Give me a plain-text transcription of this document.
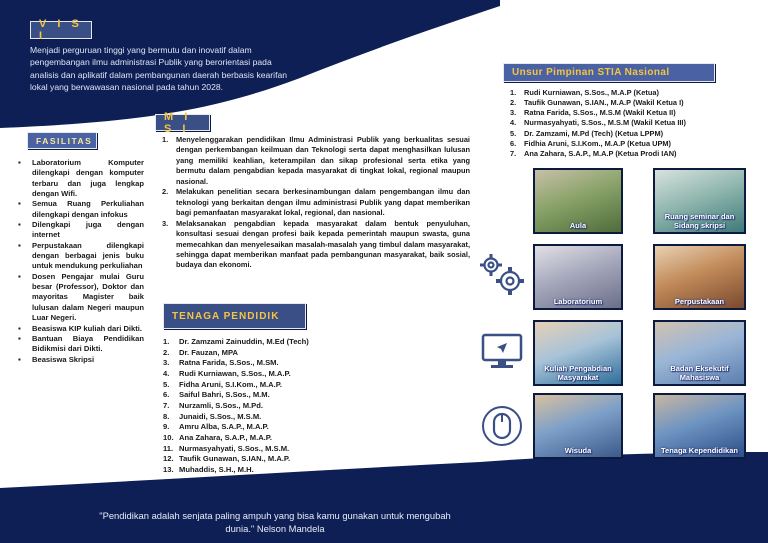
V I S I

Menjadi perguruan tinggi yang bermutu dan inovatif dalam pengembangan ilmu administrasi Publik yang berorientasi pada analisis dan aplikatif dalam pembangunan daerah berbasis kearifan lokal yang berwawasan nasional pada tahun 2028.

FASILITAS
▪ Laboratorium Komputer dilengkapi dengan komputer terbaru dan juga lengkap dengan Wifi.
▪ Semua Ruang Perkuliahan dilengkapi dengan infokus
▪ Dilengkapi juga dengan internet
▪ Perpustakaan dilengkapi dengan berbagai jenis buku untuk mendukung perkuliahan
▪ Dosen Pengajar mulai Guru besar (Professor), Doktor dan mayoritas Magister baik lulusan dalam Negeri maupun Luar Negeri.
▪ Beasiswa KIP kuliah dari Dikti.
▪ Bantuan Biaya Pendidikan Bidikmisi dari Dikti.
▪ Beasiswa Skripsi
M I S I
1. Menyelenggarakan pendidikan Ilmu Administrasi Publik yang berkualitas sesuai dengan perkembangan keilmuan dan Teknologi serta dapat menghasilkan lulusan yang memiliki keahlian, keterampilan dan sikap profesional serta etika yang bermutu dalam pengabdian kepada masyarakat di tingkat lokal, regional maupun nasional.
2. Melakukan penelitian secara berkesinambungan dalam pengembangan ilmu dan teknologi yang berkaitan dengan ilmu administrasi Publik yang dapat memberikan bagi pemanfaatan masyarakat lokal, regional, dan nasional.
3. Melaksanakan pengabdian kepada masyarakat dalam bentuk penyuluhan, konsultasi sesuai dengan profesi baik kepada pemerintah maupun swasta, guna memecahkan dan menyelesaikan masalah-masalah yang timbul dalam masyarakat, sehingga dapat memberikan manfaat pada pembangunan masyarakat, baik sosial, budaya dan ekonomi.
TENAGA PENDIDIK
1. Dr. Zamzami Zainuddin, M.Ed (Tech)
2. Dr. Fauzan, MPA
3. Ratna Farida, S.Sos., M.SM.
4. Rudi Kurniawan, S.Sos., M.A.P.
5. Fidha Aruni, S.I.Kom., M.A.P.
6. Saiful Bahri, S.Sos., M.M.
7. Nurzamli, S.Sos., M.Pd.
8. Junaidi, S.Sos., M.S.M.
9. Amru Alba, S.A.P., M.A.P.
10. Ana Zahara, S.A.P., M.A.P.
11. Nurmasyahyati, S.Sos., M.S.M.
12. Taufik Gunawan, S.IAN., M.A.P.
13. Muhaddis, S.H., M.H.
Unsur Pimpinan STIA Nasional
1. Rudi Kurniawan, S.Sos., M.A.P (Ketua)
2. Taufik Gunawan, S.IAN., M.A.P (Wakil Ketua I)
3. Ratna Farida, S.Sos., M.S.M (Wakil Ketua II)
4. Nurmasyahyati, S.Sos., M.S.M (Wakil Ketua III)
5. Dr. Zamzami, M.Pd (Tech) (Ketua LPPM)
6. Fidhia Aruni, S.I.Kom., M.A.P (Ketua UPM)
7. Ana Zahara, S.A.P., M.A.P (Ketua Prodi IAN)
Aula
Ruang seminar dan Sidang skripsi
Laboratorium	Perpustakaan
Kuliah Pengabdian Masyarakat
Badan Eksekutif Mahasiswa
Wisuda	Tenaga Kependidikan

"Pendidikan adalah senjata paling ampuh yang bisa kamu gunakan untuk mengubah dunia." Nelson Mandela
